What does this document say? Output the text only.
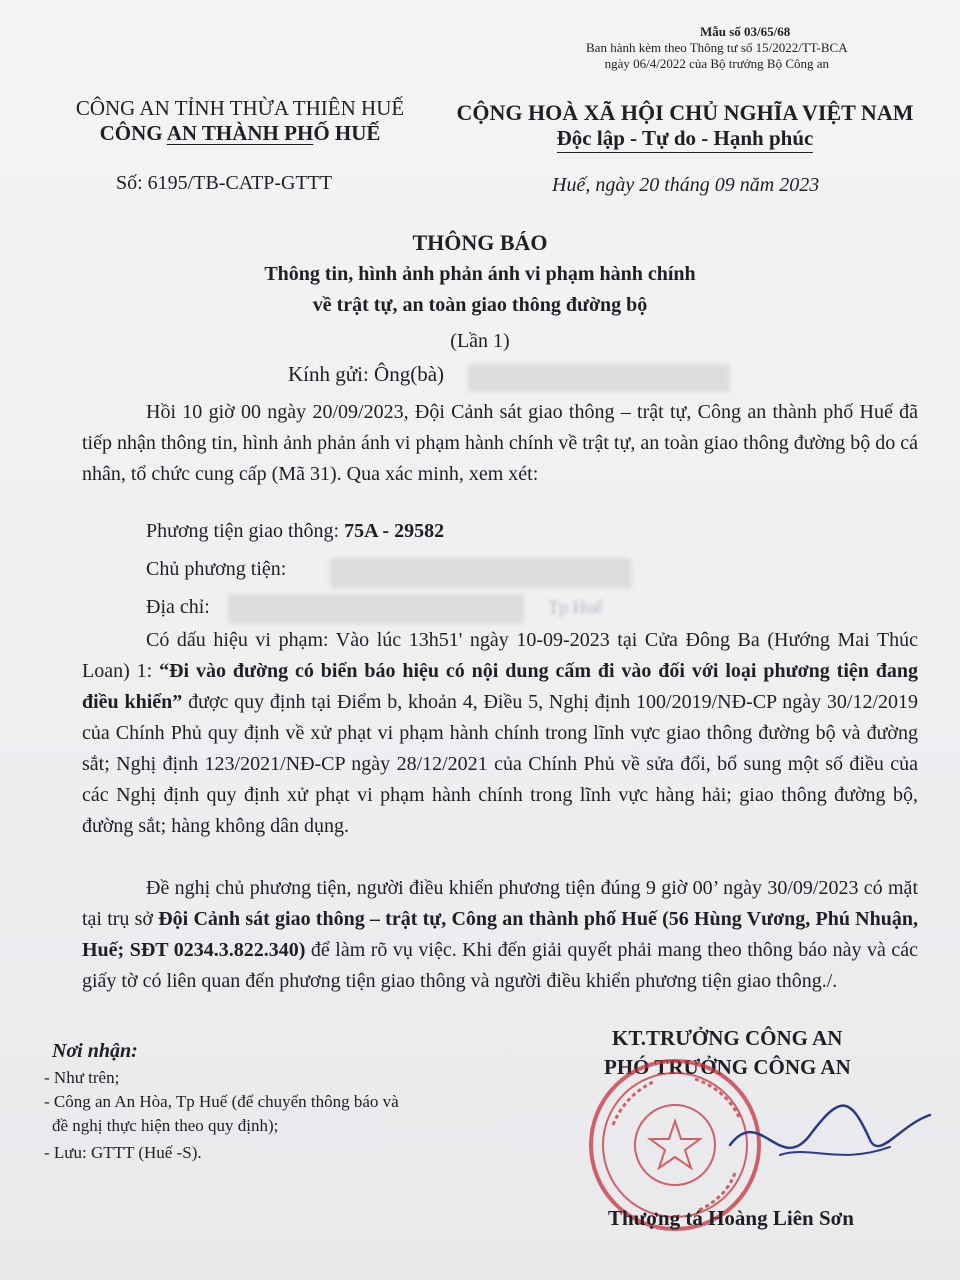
Mẫu số 03/65/68
Ban hành kèm theo Thông tư số 15/2022/TT-BCA
ngày 06/4/2022 của Bộ trưởng Bộ Công an
CÔNG AN TỈNH THỪA THIÊN HUẾ
CÔNG AN THÀNH PHỐ HUẾ
CỘNG HOÀ XÃ HỘI CHỦ NGHĨA VIỆT NAM
Độc lập - Tự do - Hạnh phúc
Số: 6195/TB-CATP-GTTT	Huế, ngày 20 tháng 09 năm 2023
THÔNG BÁO
Thông tin, hình ảnh phản ánh vi phạm hành chính
về trật tự, an toàn giao thông đường bộ
(Lần 1)
Kính gửi: Ông(bà)
Hồi 10 giờ 00 ngày 20/09/2023, Đội Cảnh sát giao thông – trật tự, Công an thành phố Huế đã tiếp nhận thông tin, hình ảnh phản ánh vi phạm hành chính về trật tự, an toàn giao thông đường bộ do cá nhân, tổ chức cung cấp (Mã 31). Qua xác minh, xem xét:
Phương tiện giao thông: 75A - 29582
Chủ phương tiện:
Địa chỉ:	Tp Huế
Có dấu hiệu vi phạm: Vào lúc 13h51' ngày 10-09-2023 tại Cửa Đông Ba (Hướng Mai Thúc Loan) 1: “Đi vào đường có biển báo hiệu có nội dung cấm đi vào đối với loại phương tiện đang điều khiển” được quy định tại Điểm b, khoản 4, Điều 5, Nghị định 100/2019/NĐ-CP ngày 30/12/2019 của Chính Phủ quy định về xử phạt vi phạm hành chính trong lĩnh vực giao thông đường bộ và đường sắt; Nghị định 123/2021/NĐ-CP ngày 28/12/2021 của Chính Phủ về sửa đổi, bổ sung một số điều của các Nghị định quy định xử phạt vi phạm hành chính trong lĩnh vực hàng hải; giao thông đường bộ, đường sắt; hàng không dân dụng.
Đề nghị chủ phương tiện, người điều khiển phương tiện đúng 9 giờ 00’ ngày 30/09/2023 có mặt tại trụ sở Đội Cảnh sát giao thông – trật tự, Công an thành phố Huế (56 Hùng Vương, Phú Nhuận, Huế; SĐT 0234.3.822.340) để làm rõ vụ việc. Khi đến giải quyết phải mang theo thông báo này và các giấy tờ có liên quan đến phương tiện giao thông và người điều khiển phương tiện giao thông./.
Nơi nhận:
- Như trên;
- Công an An Hòa, Tp Huế (để chuyển thông báo và
đề nghị thực hiện theo quy định);
- Lưu: GTTT (Huế -S).
KT.TRƯỞNG CÔNG AN
PHÓ TRƯỞNG CÔNG AN
Thượng tá Hoàng Liên Sơn
